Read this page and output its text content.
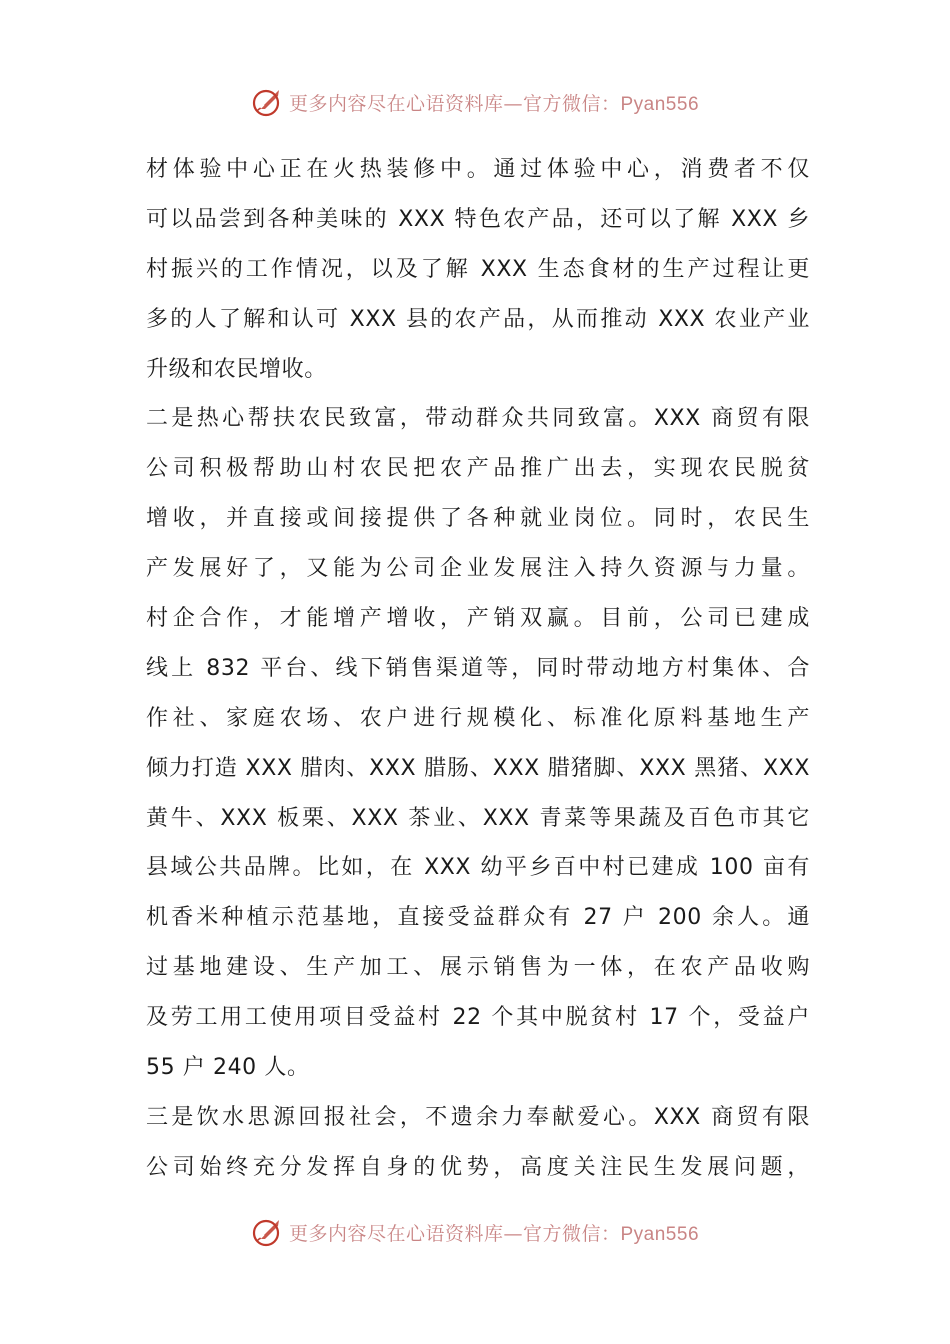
更多内容尽在心语资料库—官方微信：Pyan556
材体验中心正在火热装修中。通过体验中心，消费者不仅
可以品尝到各种美味的 XXX 特色农产品，还可以了解 XXX 乡
村振兴的工作情况，以及了解 XXX 生态食材的生产过程让更
多的人了解和认可 XXX 县的农产品，从而推动 XXX 农业产业
升级和农民增收。
二是热心帮扶农民致富，带动群众共同致富。XXX 商贸有限
公司积极帮助山村农民把农产品推广出去，实现农民脱贫
增收，并直接或间接提供了各种就业岗位。同时，农民生
产发展好了，又能为公司企业发展注入持久资源与力量。
村企合作，才能增产增收，产销双赢。目前，公司已建成
线上 832 平台、线下销售渠道等，同时带动地方村集体、合
作社、家庭农场、农户进行规模化、标准化原料基地生产
倾力打造 XXX 腊肉、XXX 腊肠、XXX 腊猪脚、XXX 黑猪、XXX
黄牛、XXX 板栗、XXX 茶业、XXX 青菜等果蔬及百色市其它
县域公共品牌。比如，在 XXX 幼平乡百中村已建成 100 亩有
机香米种植示范基地，直接受益群众有 27 户 200 余人。通
过基地建设、生产加工、展示销售为一体，在农产品收购
及劳工用工使用项目受益村 22 个其中脱贫村 17 个，受益户
55 户 240 人。
三是饮水思源回报社会，不遗余力奉献爱心。XXX 商贸有限
公司始终充分发挥自身的优势，高度关注民生发展问题，
更多内容尽在心语资料库—官方微信：Pyan556
